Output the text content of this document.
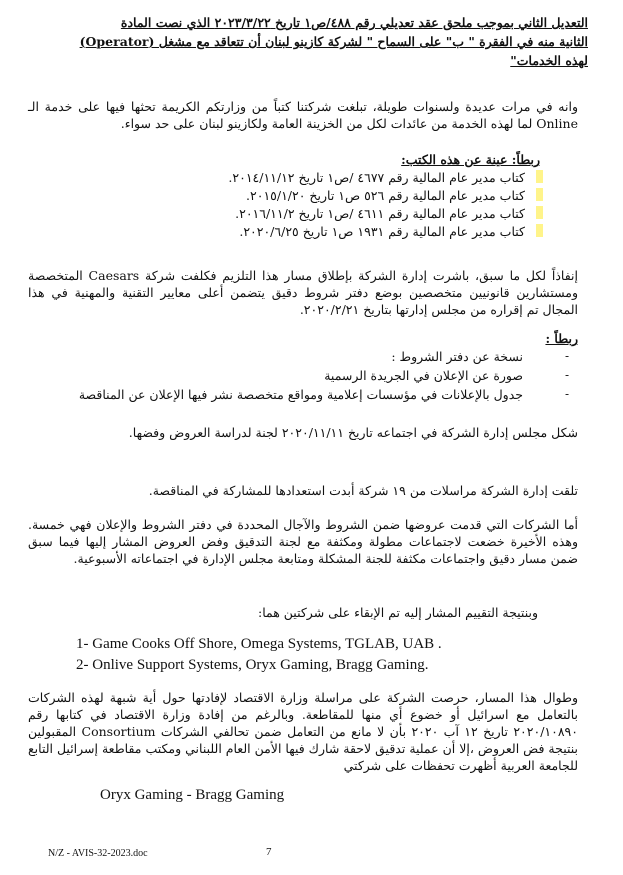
التعديل الثاني بموجب ملحق عقد تعديلي رقم ٤٨٨/ص١ تاريخ ٢٠٢٣/٣/٢٢ الذي نصت المادة
الثانية منه في الفقرة " ب" على السماح " لشركة كازينو لبنان أن تتعاقد مع مشغل (Operator)
لهذه الخدمات"
وانه في مرات عديدة ولسنوات طويلة، تبلغت شركتنا كتباً من وزارتكم الكريمة تحثها فيها على خدمة الـ Online لما لهذه الخدمة من عائدات لكل من الخزينة العامة ولكازينو لبنان على حد سواء.
ربطاً: عينة عن هذه الكتب:
كتاب مدير عام المالية رقم ٤٦٧٧ /ص١ تاريخ ٢٠١٤/١١/١٢.
كتاب مدير عام المالية رقم ٥٢٦ ص١ تاريخ ٢٠١٥/١/٢٠.
كتاب مدير عام المالية رقم ٤٦١١ /ص١ تاريخ ٢٠١٦/١١/٢.
كتاب مدير عام المالية رقم ١٩٣١ ص١ تاريخ ٢٠٢٠/٦/٢٥.
إنفاذاً لكل ما سبق، باشرت إدارة الشركة بإطلاق مسار هذا التلزيم فكلفت شركة Caesars المتخصصة ومستشارين قانونيين متخصصين بوضع دفتر شروط دقيق يتضمن أعلى معايير التقنية والمهنية في هذا المجال تم إقراره من مجلس إدارتها بتاريخ ٢٠٢٠/٢/٢١.
ربطاً :
نسخة عن دفتر الشروط :
صورة عن الإعلان في الجريدة الرسمية
جدول بالإعلانات في مؤسسات إعلامية ومواقع متخصصة نشر فيها الإعلان عن المناقصة
-
-
-
شكل مجلس إدارة الشركة في اجتماعه تاريخ ٢٠٢٠/١١/١١ لجنة لدراسة العروض وفضها.
تلقت إدارة الشركة مراسلات من ١٩ شركة أبدت استعدادها للمشاركة في المناقصة.
أما الشركات التي قدمت عروضها ضمن الشروط والآجال المحددة في دفتر الشروط والإعلان فهي خمسة. وهذه الأخيرة خضعت لاجتماعات مطولة ومكثفة مع لجنة التدقيق وفض العروض المشار إليها فيما سبق ضمن مسار دقيق واجتماعات مكثفة للجنة المشكلة ومتابعة مجلس الإدارة في اجتماعاته الأسبوعية.
وبنتيجة التقييم المشار إليه تم الإبقاء على شركتين هما:
1- Game Cooks Off Shore, Omega Systems, TGLAB, UAB .
2- Onlive Support Systems, Oryx Gaming, Bragg Gaming.
وطوال هذا المسار، حرصت الشركة على مراسلة وزارة الاقتصاد لإفادتها حول أية شبهة لهذه الشركات بالتعامل مع اسرائيل أو خضوع أي منها للمقاطعة. وبالرغم من إفادة وزارة الاقتصاد في كتابها رقم ٢٠٢٠/١٠٨٩٠ تاريخ ١٢ آب ٢٠٢٠ بأن لا مانع من التعامل ضمن تحالفي الشركات Consortium المقبولين بنتيجة فض العروض ،إلا أن عملية تدقيق لاحقة شارك فيها الأمن العام اللبناني ومكتب مقاطعة إسرائيل التابع للجامعة العربية أظهرت تحفظات على شركتي
Oryx Gaming - Bragg Gaming
N/Z - AVIS-32-2023.doc	7
